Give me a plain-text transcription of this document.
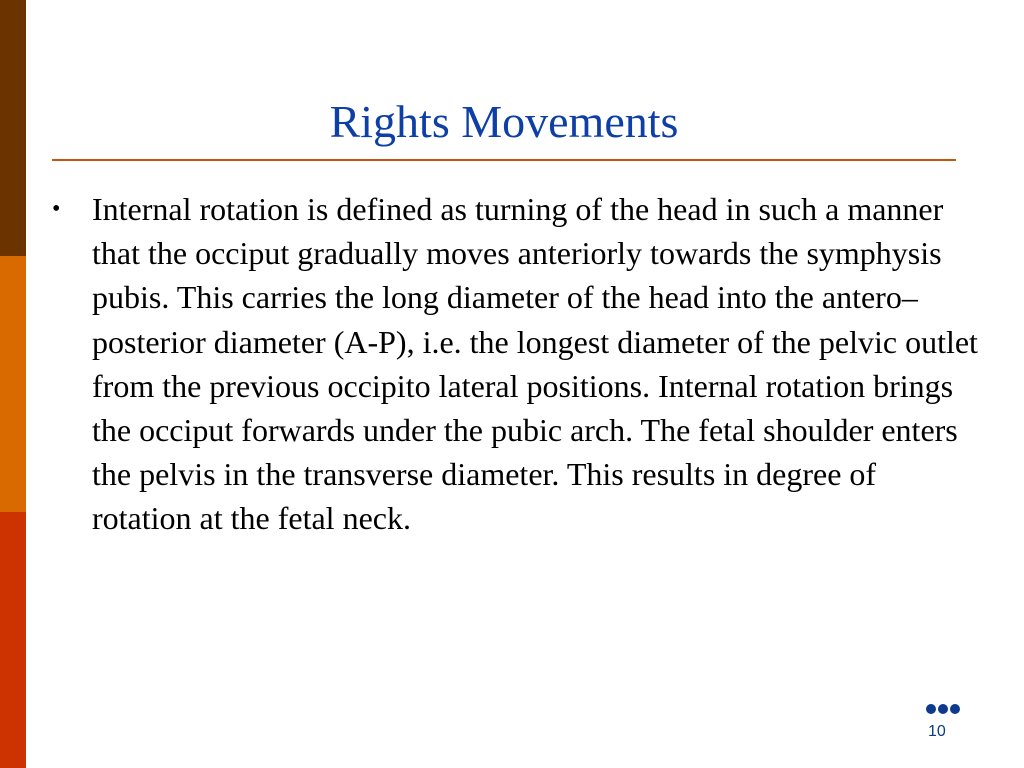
Rights Movements
• Internal rotation is defined as turning of the head in such a manner that the occiput gradually moves anteriorly towards the symphysis pubis. This carries the long diameter of the head into the antero–posterior diameter (A-P), i.e. the longest diameter of the pelvic outlet from the previous occipito lateral positions. Internal rotation brings the occiput forwards under the pubic arch. The fetal shoulder enters the pelvis in the transverse diameter. This results in degree of rotation at the fetal neck.
10
